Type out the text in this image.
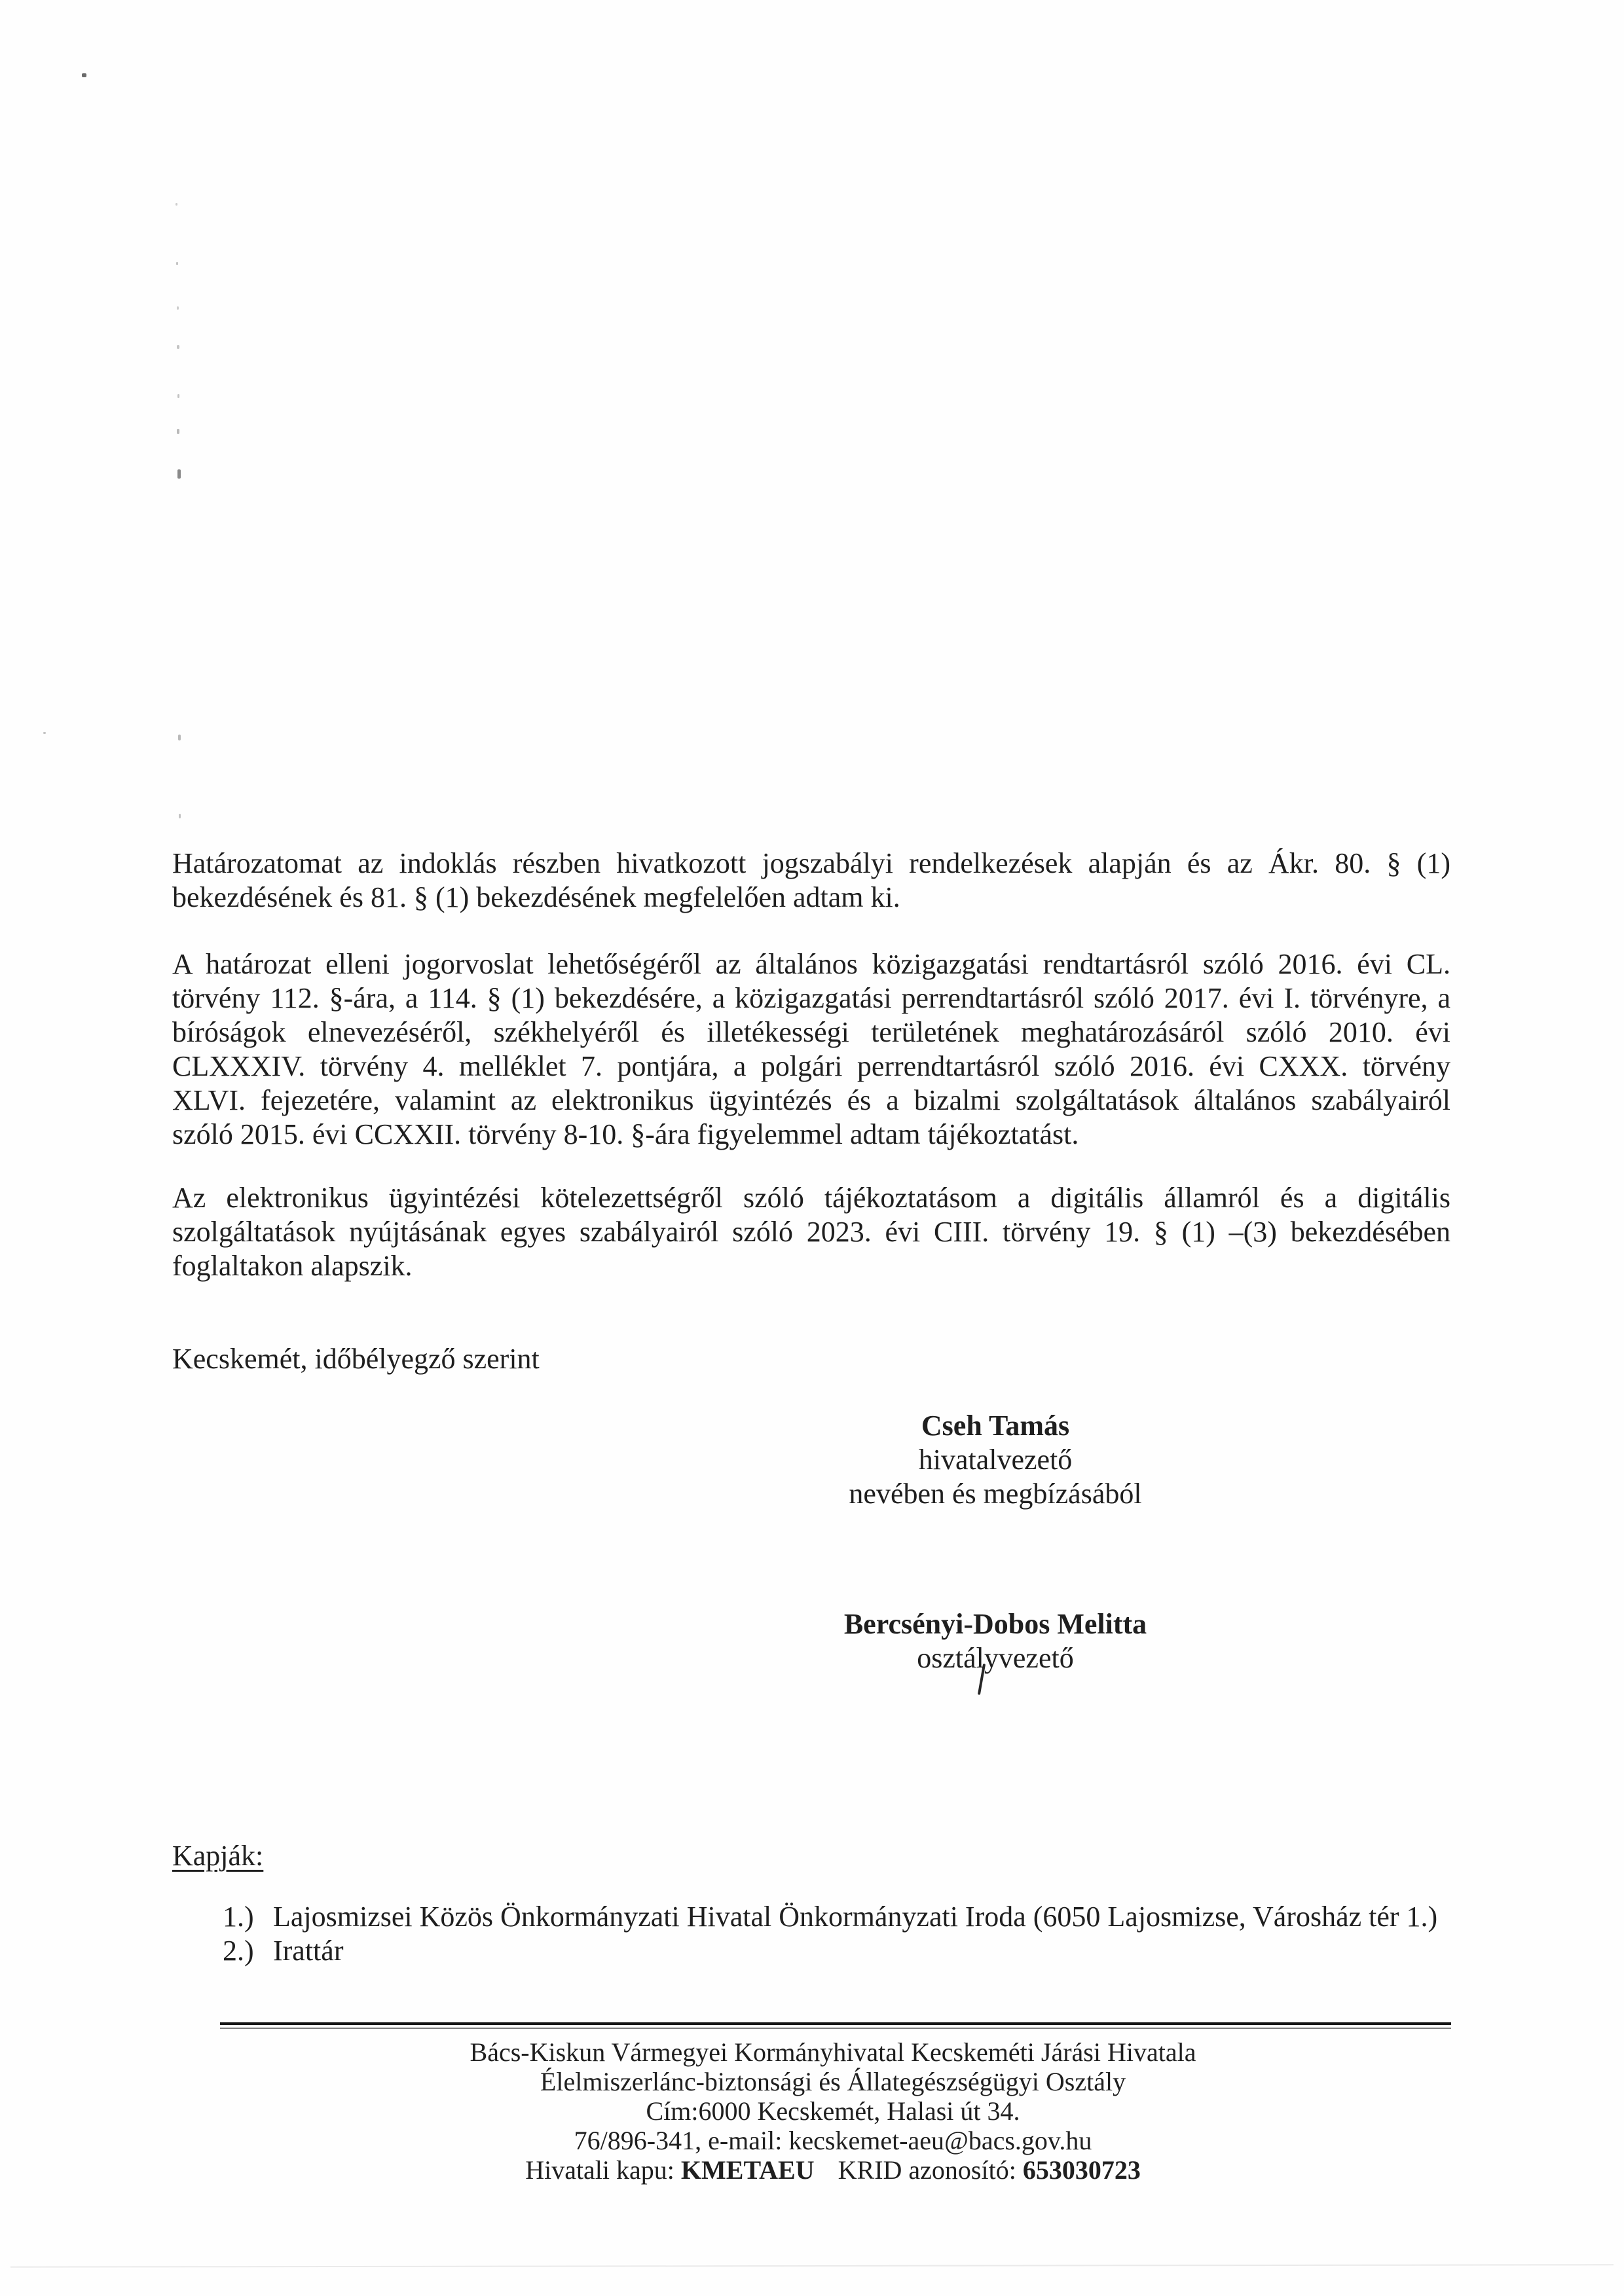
Határozatomat az indoklás részben hivatkozott jogszabályi rendelkezések alapján és az Ákr. 80. § (1)
bekezdésének és 81. § (1) bekezdésének megfelelően adtam ki.
A határozat elleni jogorvoslat lehetőségéről az általános közigazgatási rendtartásról szóló 2016. évi CL.
törvény 112. §-ára, a 114. § (1) bekezdésére, a közigazgatási perrendtartásról szóló 2017. évi I. törvényre, a
bíróságok elnevezéséről, székhelyéről és illetékességi területének meghatározásáról szóló 2010. évi
CLXXXIV. törvény 4. melléklet 7. pontjára, a polgári perrendtartásról szóló 2016. évi CXXX. törvény
XLVI. fejezetére, valamint az elektronikus ügyintézés és a bizalmi szolgáltatások általános szabályairól
szóló 2015. évi CCXXII. törvény 8-10. §-ára figyelemmel adtam tájékoztatást.
Az elektronikus ügyintézési kötelezettségről szóló tájékoztatásom a digitális államról és a digitális
szolgáltatások nyújtásának egyes szabályairól szóló 2023. évi CIII. törvény 19. § (1) –(3) bekezdésében
foglaltakon alapszik.
Kecskemét, időbélyegző szerint
Cseh Tamás
hivatalvezető
nevében és megbízásából
Bercsényi-Dobos Melitta
osztályvezető
Kapják:
1.) Lajosmizsei Közös Önkormányzati Hivatal Önkormányzati Iroda (6050 Lajosmizse, Városház tér 1.)
2.) Irattár
Bács-Kiskun Vármegyei Kormányhivatal Kecskeméti Járási Hivatala
Élelmiszerlánc-biztonsági és Állategészségügyi Osztály
Cím:6000 Kecskemét, Halasi út 34.
76/896-341, e-mail: kecskemet-aeu@bacs.gov.hu
Hivatali kapu: KMETAEU KRID azonosító: 653030723
